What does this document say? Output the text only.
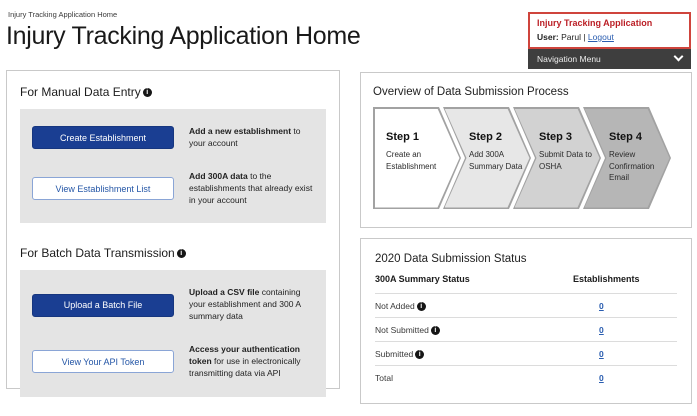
Injury Tracking Application Home
Injury Tracking Application Home	Injury Tracking Application
User: Parul | Logout
Navigation Menu
For Manual Data Entry i
Create Establishment
Add a new establishment to your account
View Establishment List
Add 300A data to the establishments that already exist in your account
For Batch Data Transmission i
Upload a Batch File
Upload a CSV file containing your establishment and 300 A summary data
View Your API Token
Access your authentication token for use in electronically transmitting data via API
Overview of Data Submission Process
Step 1
Create an Establishment
Step 2
Add 300A Summary Data
Step 3
Submit Data to OSHA
Step 4
Review Confirmation Email
2020 Data Submission Status
300A Summary Status	Establishments
Not Added i	0
Not Submitted i	0
Submitted i	0
Total	0
